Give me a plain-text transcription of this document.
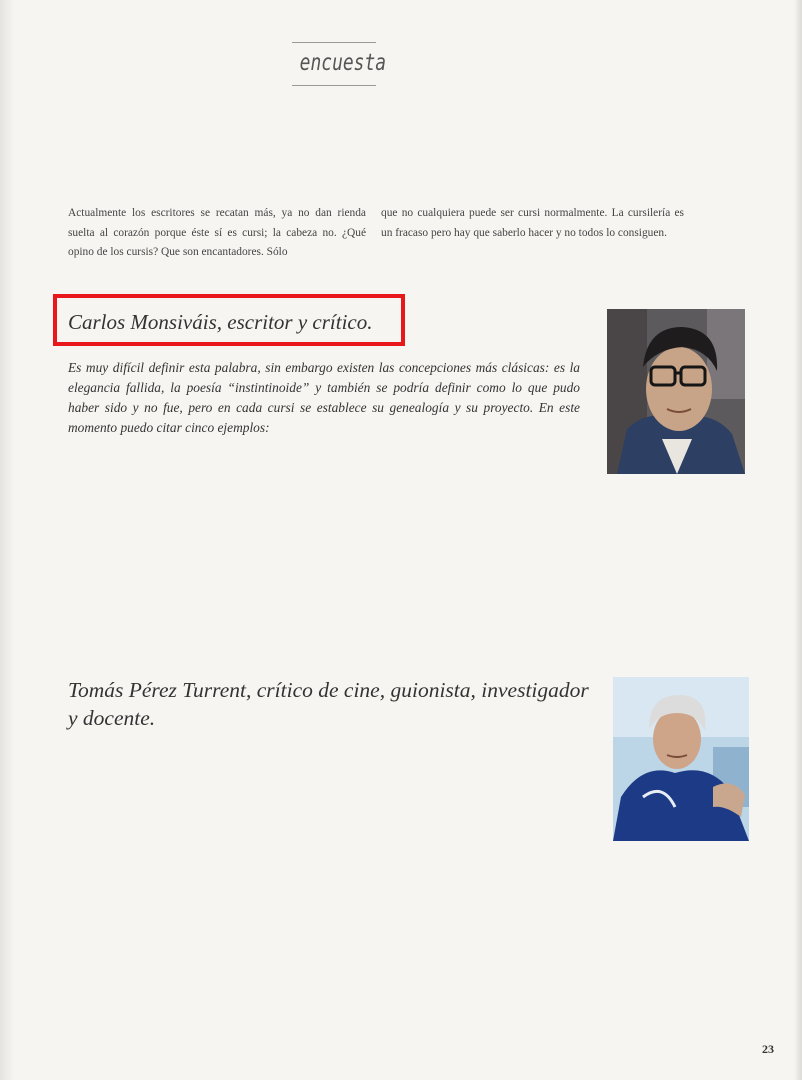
encuesta
Actualmente los escritores se recatan más, ya no dan rienda suelta al corazón porque éste sí es cursi; la cabeza no. ¿Qué opino de los cursis? Que son encantadores. Sólo
que no cualquiera puede ser cursi normalmente. La cursilería es un fracaso pero hay que saberlo hacer y no todos lo consiguen.
Carlos Monsiváis, escritor y crítico.
Es muy difícil definir esta palabra, sin embargo existen las concepciones más clásicas: es la elegancia fallida, la poesía “instintinoide” y también se podría definir como lo que pudo haber sido y no fue, pero en cada cursi se establece su genealogía y su proyecto. En este momento puedo citar cinco ejemplos:
Tomás Pérez Turrent, crítico de cine, guionista, investigador y docente.
23
